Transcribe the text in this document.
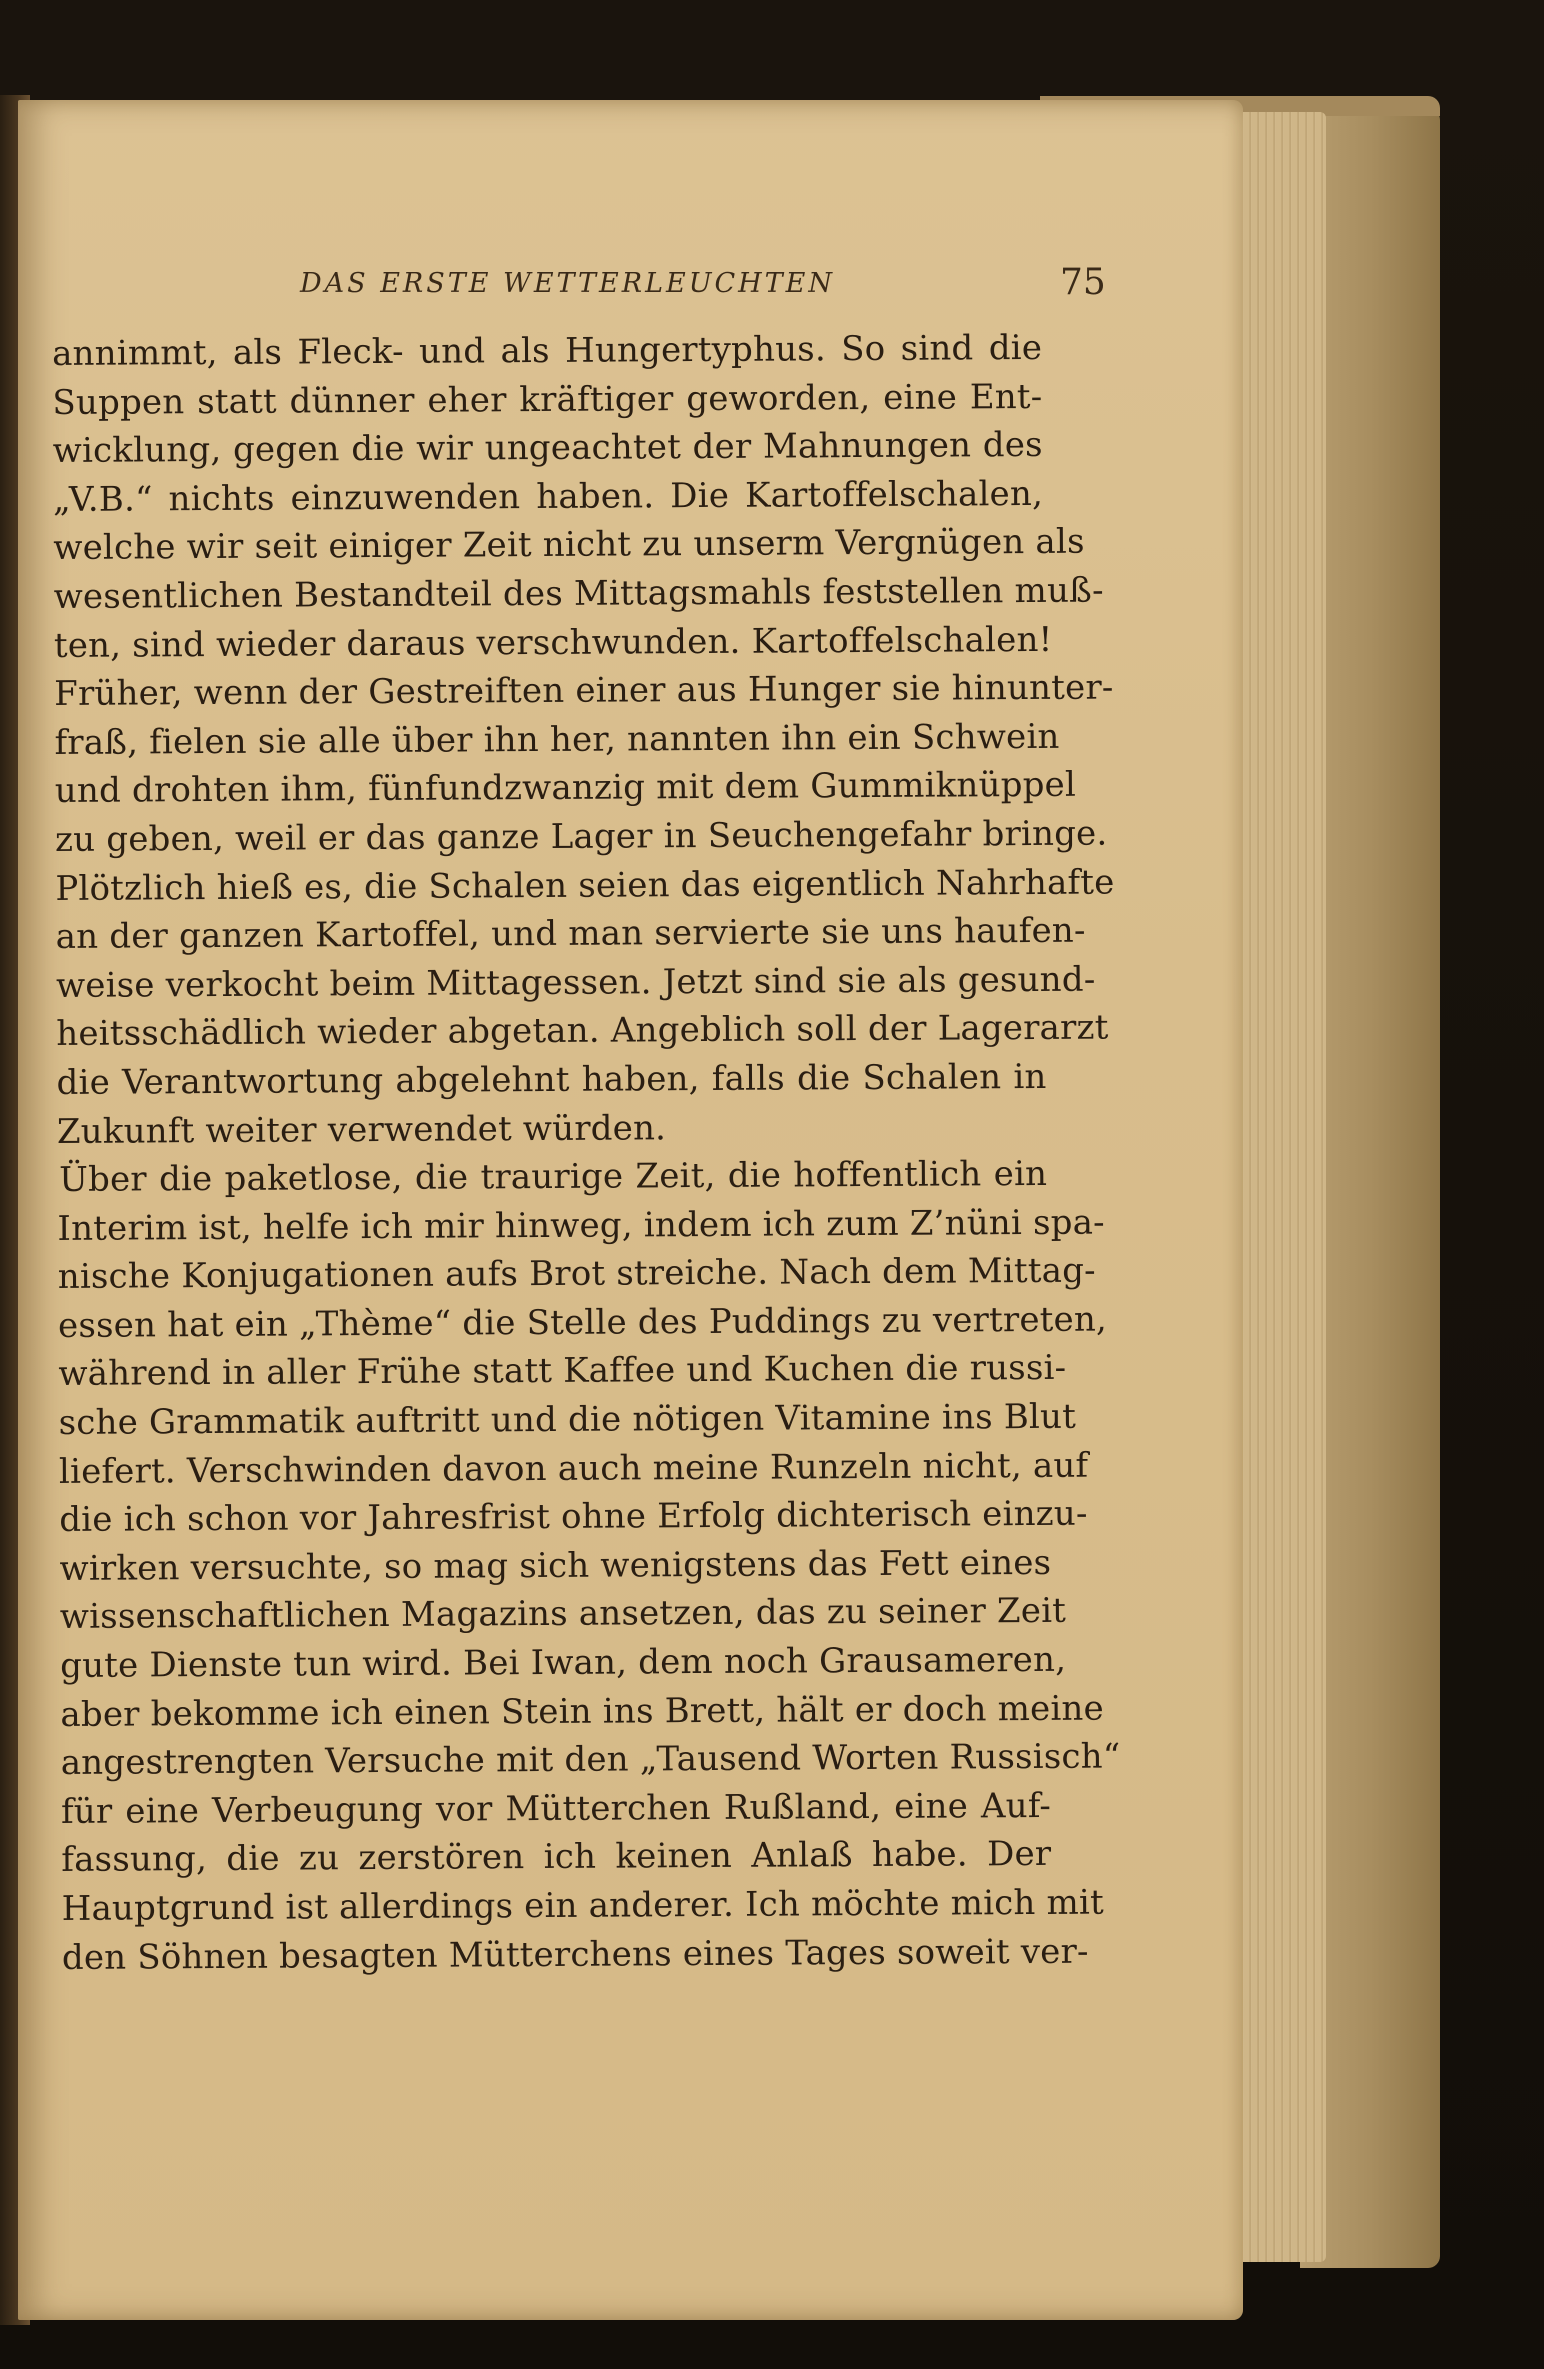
DAS ERSTE WETTERLEUCHTEN	75
annimmt, als Fleck- und als Hungertyphus. So sind die
Suppen statt dünner eher kräftiger geworden, eine Ent-
wicklung, gegen die wir ungeachtet der Mahnungen des
„V.B.“ nichts einzuwenden haben. Die Kartoffelschalen,
welche wir seit einiger Zeit nicht zu unserm Vergnügen als
wesentlichen Bestandteil des Mittagsmahls feststellen muß-
ten, sind wieder daraus verschwunden. Kartoffelschalen!
Früher, wenn der Gestreiften einer aus Hunger sie hinunter-
fraß, fielen sie alle über ihn her, nannten ihn ein Schwein
und drohten ihm, fünfundzwanzig mit dem Gummiknüppel
zu geben, weil er das ganze Lager in Seuchengefahr bringe.
Plötzlich hieß es, die Schalen seien das eigentlich Nahrhafte
an der ganzen Kartoffel, und man servierte sie uns haufen-
weise verkocht beim Mittagessen. Jetzt sind sie als gesund-
heitsschädlich wieder abgetan. Angeblich soll der Lagerarzt
die Verantwortung abgelehnt haben, falls die Schalen in
Zukunft weiter verwendet würden.
Über die paketlose, die traurige Zeit, die hoffentlich ein
Interim ist, helfe ich mir hinweg, indem ich zum Z’nüni spa-
nische Konjugationen aufs Brot streiche. Nach dem Mittag-
essen hat ein „Thème“ die Stelle des Puddings zu vertreten,
während in aller Frühe statt Kaffee und Kuchen die russi-
sche Grammatik auftritt und die nötigen Vitamine ins Blut
liefert. Verschwinden davon auch meine Runzeln nicht, auf
die ich schon vor Jahresfrist ohne Erfolg dichterisch einzu-
wirken versuchte, so mag sich wenigstens das Fett eines
wissenschaftlichen Magazins ansetzen, das zu seiner Zeit
gute Dienste tun wird. Bei Iwan, dem noch Grausameren,
aber bekomme ich einen Stein ins Brett, hält er doch meine
angestrengten Versuche mit den „Tausend Worten Russisch“
für eine Verbeugung vor Mütterchen Rußland, eine Auf-
fassung, die zu zerstören ich keinen Anlaß habe. Der
Hauptgrund ist allerdings ein anderer. Ich möchte mich mit
den Söhnen besagten Mütterchens eines Tages soweit ver-
